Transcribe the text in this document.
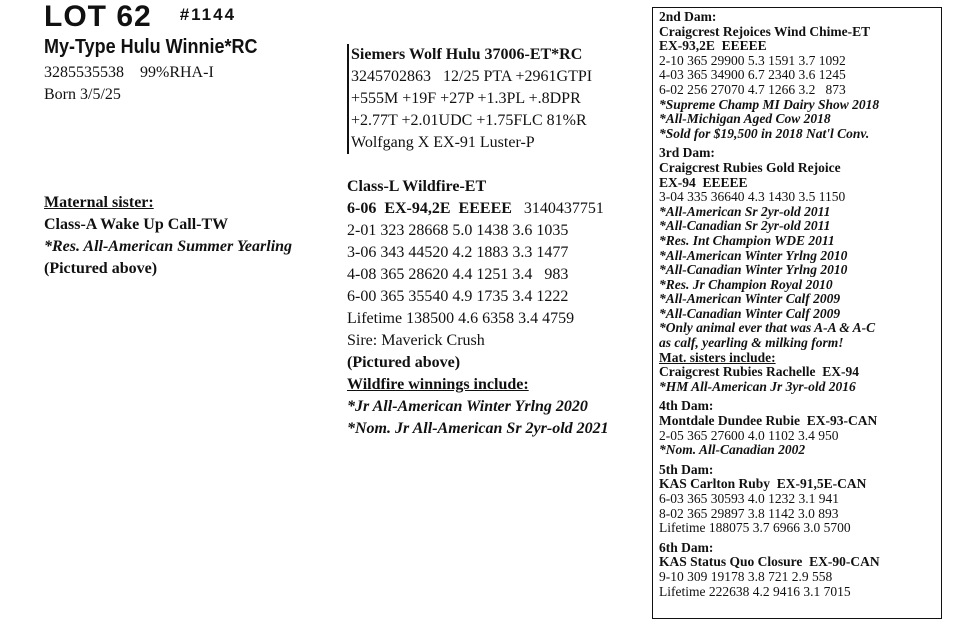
LOT 62 $^{\#1144}$
My-Type Hulu Winnie*RC
3285535538    99%RHA-I
Born 3/5/25
Maternal sister:
Class-A Wake Up Call-TW
*Res. All-American Summer Yearling
(Pictured above)
Siemers Wolf Hulu 37006-ET*RC
3245702863   12/25 PTA +2961GTPI
+555M +19F +27P +1.3PL +.8DPR
+2.77T +2.01UDC +1.75FLC 81%R
Wolfgang X EX-91 Luster-P
Class-L Wildfire-ET
6-06  EX-94,2E  EEEEE 3140437751
2-01 323 28668 5.0 1438 3.6 1035
3-06 343 44520 4.2 1883 3.3 1477
4-08 365 28620 4.4 1251 3.4   983
6-00 365 35540 4.9 1735 3.4 1222
Lifetime 138500 4.6 6358 3.4 4759
Sire: Maverick Crush
(Pictured above)
Wildfire winnings include:
*Jr All-American Winter Yrlng 2020
*Nom. Jr All-American Sr 2yr-old 2021
2nd Dam:
Craigcrest Rejoices Wind Chime-ET
EX-93,2E  EEEEE
2-10 365 29900 5.3 1591 3.7 1092
4-03 365 34900 6.7 2340 3.6 1245
6-02 256 27070 4.7 1266 3.2   873
*Supreme Champ MI Dairy Show 2018
*All-Michigan Aged Cow 2018
*Sold for $19,500 in 2018 Nat'l Conv.
3rd Dam:
Craigcrest Rubies Gold Rejoice
EX-94  EEEEE
3-04 335 36640 4.3 1430 3.5 1150
*All-American Sr 2yr-old 2011
*All-Canadian Sr 2yr-old 2011
*Res. Int Champion WDE 2011
*All-American Winter Yrlng 2010
*All-Canadian Winter Yrlng 2010
*Res. Jr Champion Royal 2010
*All-American Winter Calf 2009
*All-Canadian Winter Calf 2009
*Only animal ever that was A-A & A-C
as calf, yearling & milking form!
Mat. sisters include:
Craigcrest Rubies Rachelle  EX-94
*HM All-American Jr 3yr-old 2016
4th Dam:
Montdale Dundee Rubie  EX-93-CAN
2-05 365 27600 4.0 1102 3.4 950
*Nom. All-Canadian 2002
5th Dam:
KAS Carlton Ruby  EX-91,5E-CAN
6-03 365 30593 4.0 1232 3.1 941
8-02 365 29897 3.8 1142 3.0 893
Lifetime 188075 3.7 6966 3.0 5700
6th Dam:
KAS Status Quo Closure  EX-90-CAN
9-10 309 19178 3.8 721 2.9 558
Lifetime 222638 4.2 9416 3.1 7015
